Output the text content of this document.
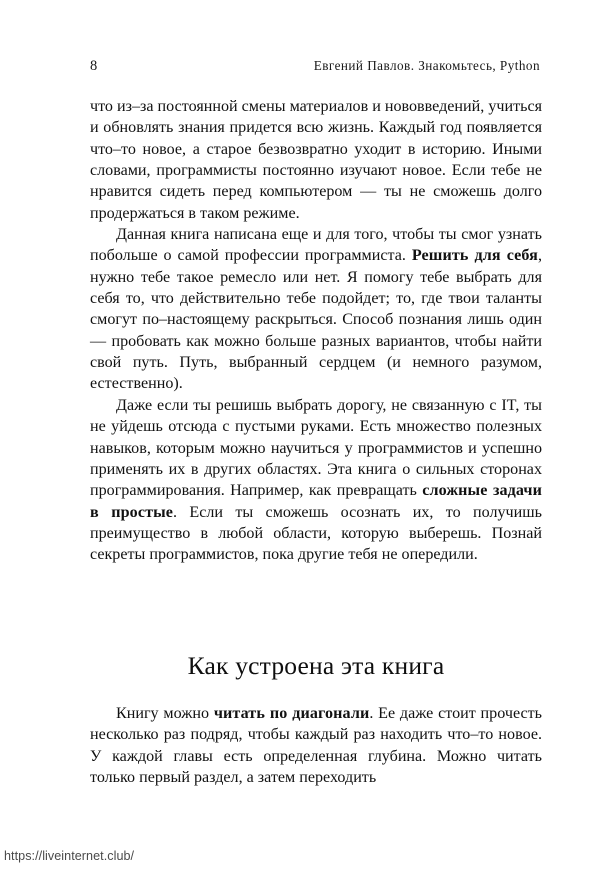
8	Евгений Павлов. Знакомьтесь, Python

что из–за постоянной смены материалов и нововведений, учиться и обновлять знания придется всю жизнь. Каждый год появляется что–то новое, а старое безвозвратно уходит в историю. Иными словами, программисты постоянно изучают новое. Если тебе не нравится сидеть перед компьютером — ты не сможешь долго продержаться в таком режиме.

Данная книга написана еще и для того, чтобы ты смог узнать побольше о самой профессии программиста. Решить для себя, нужно тебе такое ремесло или нет. Я помогу тебе выбрать для себя то, что действительно тебе подойдет; то, где твои таланты смогут по–настоящему раскрыться. Способ познания лишь один — пробовать как можно больше разных вариантов, чтобы найти свой путь. Путь, выбранный сердцем (и немного разумом, естественно).

Даже если ты решишь выбрать дорогу, не связанную с IT, ты не уйдешь отсюда с пустыми руками. Есть множество полезных навыков, которым можно научиться у программистов и успешно применять их в других областях. Эта книга о сильных сторонах программирования. Например, как превращать сложные задачи в простые. Если ты сможешь осознать их, то получишь преимущество в любой области, которую выберешь. Познай секреты программистов, пока другие тебя не опередили.

Как устроена эта книга

Книгу можно читать по диагонали. Ее даже стоит прочесть несколько раз подряд, чтобы каждый раз находить что–то новое. У каждой главы есть определенная глубина. Можно читать только первый раздел, а затем переходить

https://liveinternet.club/
